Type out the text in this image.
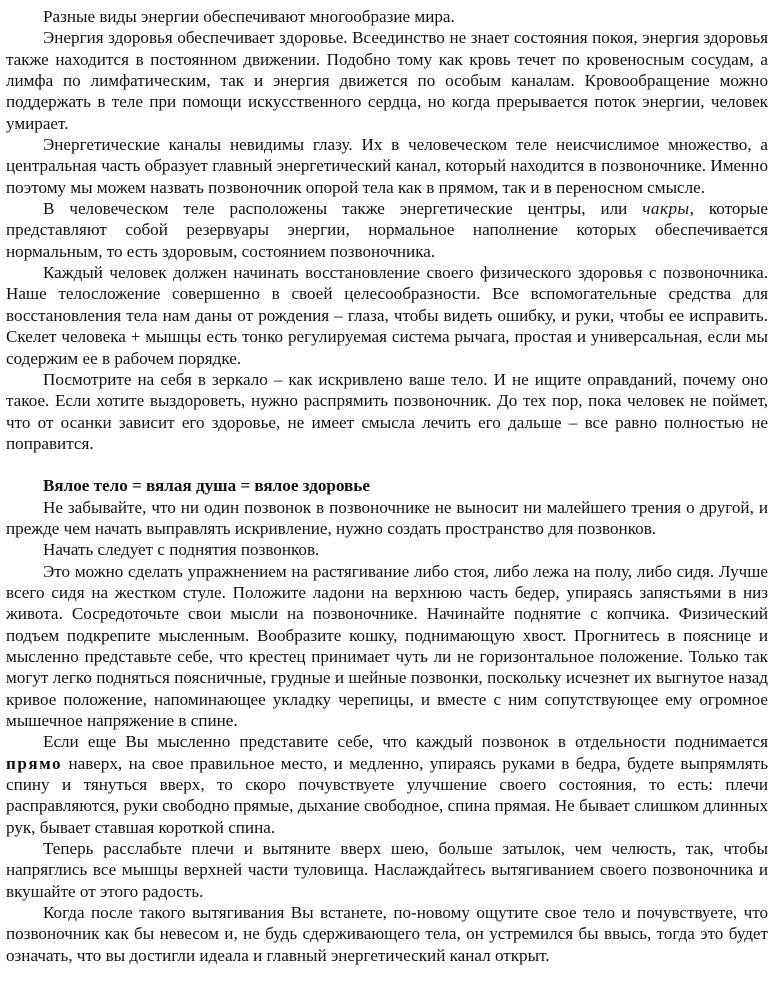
Разные виды энергии обеспечивают многообразие мира.

Энергия здоровья обеспечивает здоровье. Всеединство не знает состояния покоя, энергия здоровья также находится в постоянном движении. Подобно тому как кровь течет по кровеносным сосудам, а лимфа по лимфатическим, так и энергия движется по особым каналам. Кровообращение можно поддержать в теле при помощи искусственного сердца, но когда прерывается поток энергии, человек умирает.

Энергетические каналы невидимы глазу. Их в человеческом теле неисчислимое множество, а центральная часть образует главный энергетический канал, который находится в позвоночнике. Именно поэтому мы можем назвать позвоночник опорой тела как в прямом, так и в переносном смысле.

В человеческом теле расположены также энергетические центры, или чакры, которые представляют собой резервуары энергии, нормальное наполнение которых обеспечивается нормальным, то есть здоровым, состоянием позвоночника.

Каждый человек должен начинать восстановление своего физического здоровья с позвоночника. Наше телосложение совершенно в своей целесообразности. Все вспомогательные средства для восстановления тела нам даны от рождения – глаза, чтобы видеть ошибку, и руки, чтобы ее исправить. Скелет человека + мышцы есть тонко регулируемая система рычага, простая и универсальная, если мы содержим ее в рабочем порядке.

Посмотрите на себя в зеркало – как искривлено ваше тело. И не ищите оправданий, почему оно такое. Если хотите выздороветь, нужно распрямить позвоночник. До тех пор, пока человек не поймет, что от осанки зависит его здоровье, не имеет смысла лечить его дальше – все равно полностью не поправится.

Вялое тело = вялая душа = вялое здоровье

Не забывайте, что ни один позвонок в позвоночнике не выносит ни малейшего трения о другой, и прежде чем начать выправлять искривление, нужно создать пространство для позвонков.

Начать следует с поднятия позвонков.

Это можно сделать упражнением на растягивание либо стоя, либо лежа на полу, либо сидя. Лучше всего сидя на жестком стуле. Положите ладони на верхнюю часть бедер, упираясь запястьями в низ живота. Сосредоточьте свои мысли на позвоночнике. Начинайте поднятие с копчика. Физический подъем подкрепите мысленным. Вообразите кошку, поднимающую хвост. Прогнитесь в пояснице и мысленно представьте себе, что крестец принимает чуть ли не горизонтальное положение. Только так могут легко подняться поясничные, грудные и шейные позвонки, поскольку исчезнет их выгнутое назад кривое положение, напоминающее укладку черепицы, и вместе с ним сопутствующее ему огромное мышечное напряжение в спине.

Если еще Вы мысленно представите себе, что каждый позвонок в отдельности поднимается прямо наверх, на свое правильное место, и медленно, упираясь руками в бедра, будете выпрямлять спину и тянуться вверх, то скоро почувствуете улучшение своего состояния, то есть: плечи расправляются, руки свободно прямые, дыхание свободное, спина прямая. Не бывает слишком длинных рук, бывает ставшая короткой спина.

Теперь расслабьте плечи и вытяните вверх шею, больше затылок, чем челюсть, так, чтобы напряглись все мышцы верхней части туловища. Наслаждайтесь вытягиванием своего позвоночника и вкушайте от этого радость.

Когда после такого вытягивания Вы встанете, по-новому ощутите свое тело и почувствуете, что позвоночник как бы невесом и, не будь сдерживающего тела, он устремился бы ввысь, тогда это будет означать, что вы достигли идеала и главный энергетический канал открыт.
